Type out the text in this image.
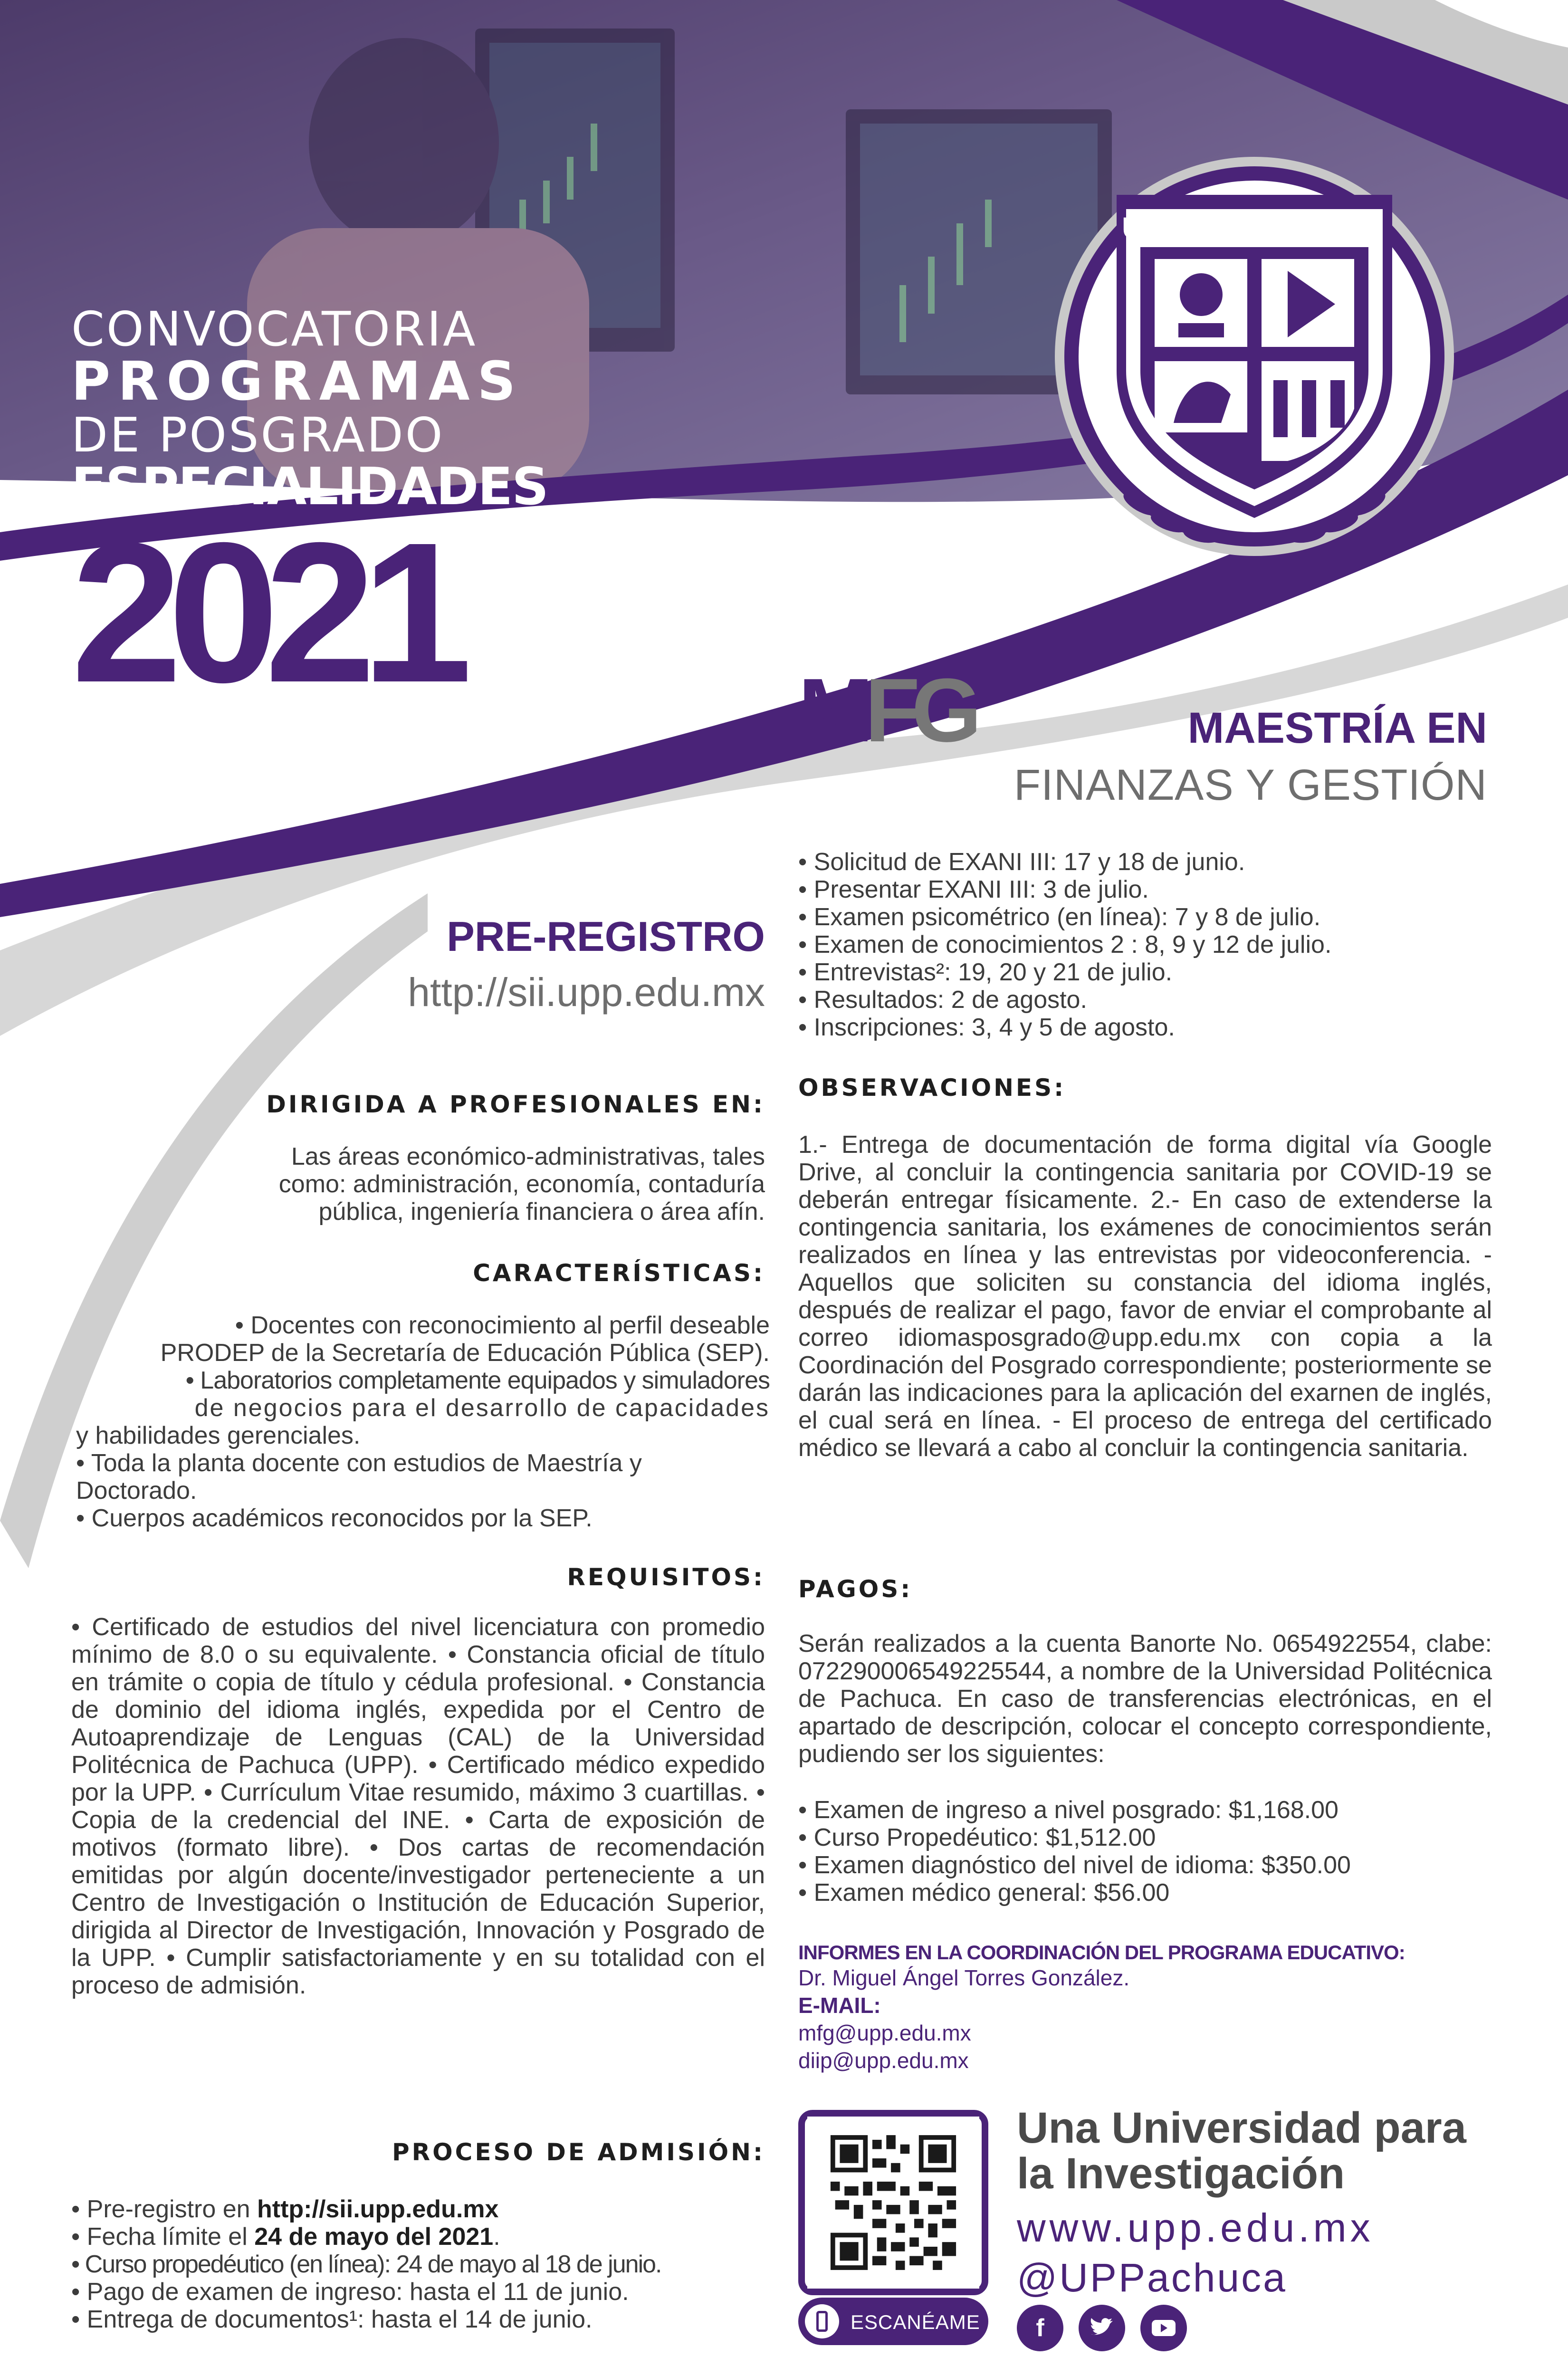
UNIVERSIDAD
M.R.
CONVOCATORIA
PROGRAMAS
DE POSGRADO
ESPECIALIDADES
2021	MFG	MAESTRÍA EN
FINANZAS Y GESTIÓN
PRE-REGISTRO
http://sii.upp.edu.mx
DIRIGIDA A PROFESIONALES EN:
Las áreas económico-administrativas, tales
como: administración, economía, contaduría
pública, ingeniería financiera o área afín.
CARACTERÍSTICAS:
• Docentes con reconocimiento al perfil deseable
PRODEP de la Secretaría de Educación Pública (SEP).
• Laboratorios completamente equipados y simuladores
de negocios para el desarrollo de capacidades
y habilidades gerenciales.
• Toda la planta docente con estudios de Maestría y
Doctorado.
• Cuerpos académicos reconocidos por la SEP.
REQUISITOS:
• Certificado de estudios del nivel licenciatura con promedio mínimo de 8.0 o su equivalente. • Constancia oficial de título en trámite o copia de título y cédula profesional. • Constancia de dominio del idioma inglés, expedida por el Centro de Autoaprendizaje de Lenguas (CAL) de la Universidad Politécnica de Pachuca (UPP). • Certificado médico expedido por la UPP. • Currículum Vitae resumido, máximo 3 cuartillas. • Copia de la credencial del INE. • Carta de exposición de motivos (formato libre). • Dos cartas de recomendación emitidas por algún docente/investigador perteneciente a un Centro de Investigación o Institución de Educación Superior, dirigida al Director de Investigación, Innovación y Posgrado de la UPP. • Cumplir satisfactoriamente y en su totalidad con el proceso de admisión.
PROCESO DE ADMISIÓN:
• Pre-registro en http://sii.upp.edu.mx
• Fecha límite el 24 de mayo del 2021.
• Curso propedéutico (en línea): 24 de mayo al 18 de junio.
• Pago de examen de ingreso: hasta el 11 de junio.
• Entrega de documentos¹: hasta el 14 de junio.
• Solicitud de EXANI III: 17 y 18 de junio.
• Presentar EXANI III: 3 de julio.
• Examen psicométrico (en línea): 7 y 8 de julio.
• Examen de conocimientos 2 : 8, 9 y 12 de julio.
• Entrevistas²: 19, 20 y 21 de julio.
• Resultados: 2 de agosto.
• Inscripciones: 3, 4 y 5 de agosto.
OBSERVACIONES:
1.- Entrega de documentación de forma digital vía Google Drive, al concluir la contingencia sanitaria por COVID-19 se deberán entregar físicamente. 2.- En caso de extenderse la contingencia sanitaria, los exámenes de conocimientos serán realizados en línea y las entrevistas por videoconferencia. - Aquellos que soliciten su constancia del idioma inglés, después de realizar el pago, favor de enviar el comprobante al correo idiomasposgrado@upp.edu.mx con copia a la Coordinación del Posgrado correspondiente; posteriormente se darán las indicaciones para la aplicación del exarnen de inglés, el cual será en línea. - El proceso de entrega del certificado médico se llevará a cabo al concluir la contingencia sanitaria.
PAGOS:
Serán realizados a la cuenta Banorte No. 0654922554, clabe: 072290006549225544, a nombre de la Universidad Politécnica de Pachuca. En caso de transferencias electrónicas, en el apartado de descripción, colocar el concepto correspondiente, pudiendo ser los siguientes:
• Examen de ingreso a nivel posgrado: $1,168.00
• Curso Propedéutico: $1,512.00
• Examen diagnóstico del nivel de idioma: $350.00
• Examen médico general: $56.00
INFORMES EN LA COORDINACIÓN DEL PROGRAMA EDUCATIVO:
Dr. Miguel Ángel Torres González.
E-MAIL:
mfg@upp.edu.mx
diip@upp.edu.mx
ESCANÉAME
Una Universidad para
la Investigación
www.upp.edu.mx
@UPPachuca
f
